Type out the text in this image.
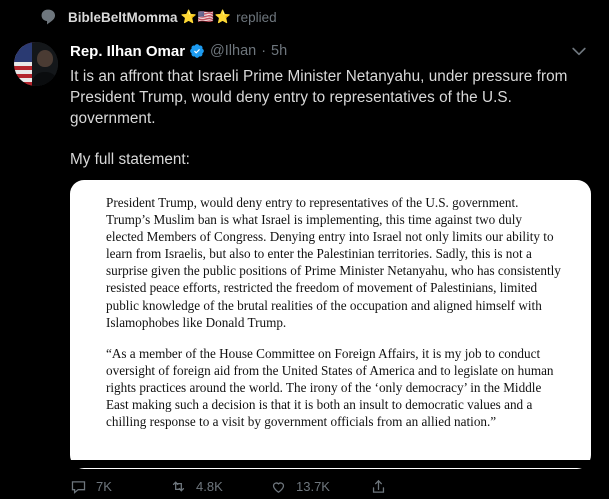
BibleBeltMomma ⭐🇺🇸⭐ replied
Rep. Ilhan Omar @Ilhan · 5h
It is an affront that Israeli Prime Minister Netanyahu, under pressure from President Trump, would deny entry to representatives of the U.S. government.
My full statement:

President Trump, would deny entry to representatives of the U.S. government. Trump’s Muslim ban is what Israel is implementing, this time against two duly elected Members of Congress. Denying entry into Israel not only limits our ability to learn from Israelis, but also to enter the Palestinian territories. Sadly, this is not a surprise given the public positions of Prime Minister Netanyahu, who has consistently resisted peace efforts, restricted the freedom of movement of Palestinians, limited public knowledge of the brutal realities of the occupation and aligned himself with Islamophobes like Donald Trump.

“As a member of the House Committee on Foreign Affairs, it is my job to conduct oversight of foreign aid from the United States of America and to legislate on human rights practices around the world. The irony of the ‘only democracy’ in the Middle East making such a decision is that it is both an insult to democratic values and a chilling response to a visit by government officials from an allied nation.”

7K	4.8K	13.7K
